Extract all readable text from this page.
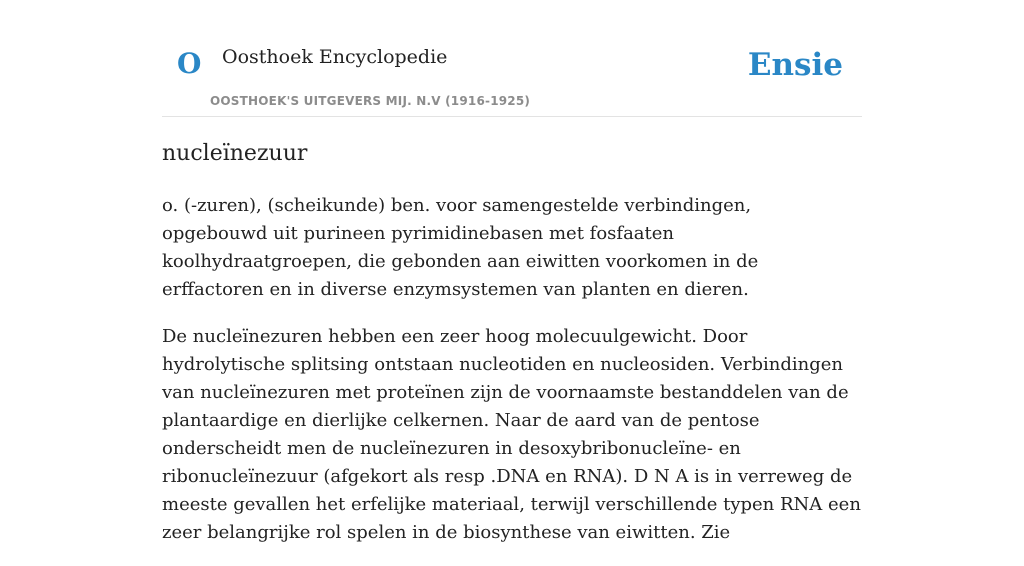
O Oosthoek Encyclopedie
OOSTHOEK'S UITGEVERS MIJ. N.V (1916-1925)
Ensie
nucleïnezuur

o. (-zuren), (scheikunde) ben. voor samengestelde verbindingen, opgebouwd uit purineen pyrimidinebasen met fosfaaten koolhydraatgroepen, die gebonden aan eiwitten voorkomen in de erffactoren en in diverse enzymsystemen van planten en dieren.

De nucleïnezuren hebben een zeer hoog molecuulgewicht. Door hydrolytische splitsing ontstaan nucleotiden en nucleosiden. Verbindingen van nucleïnezuren met proteïnen zijn de voornaamste bestanddelen van de plantaardige en dierlijke celkernen. Naar de aard van de pentose onderscheidt men de nucleïnezuren in desoxybribonucleïne- en ribonucleïnezuur (afgekort als resp .DNA en RNA). D N A is in verreweg de meeste gevallen het erfelijke materiaal, terwijl verschillende typen RNA een zeer belangrijke rol spelen in de biosynthese van eiwitten. Zie
